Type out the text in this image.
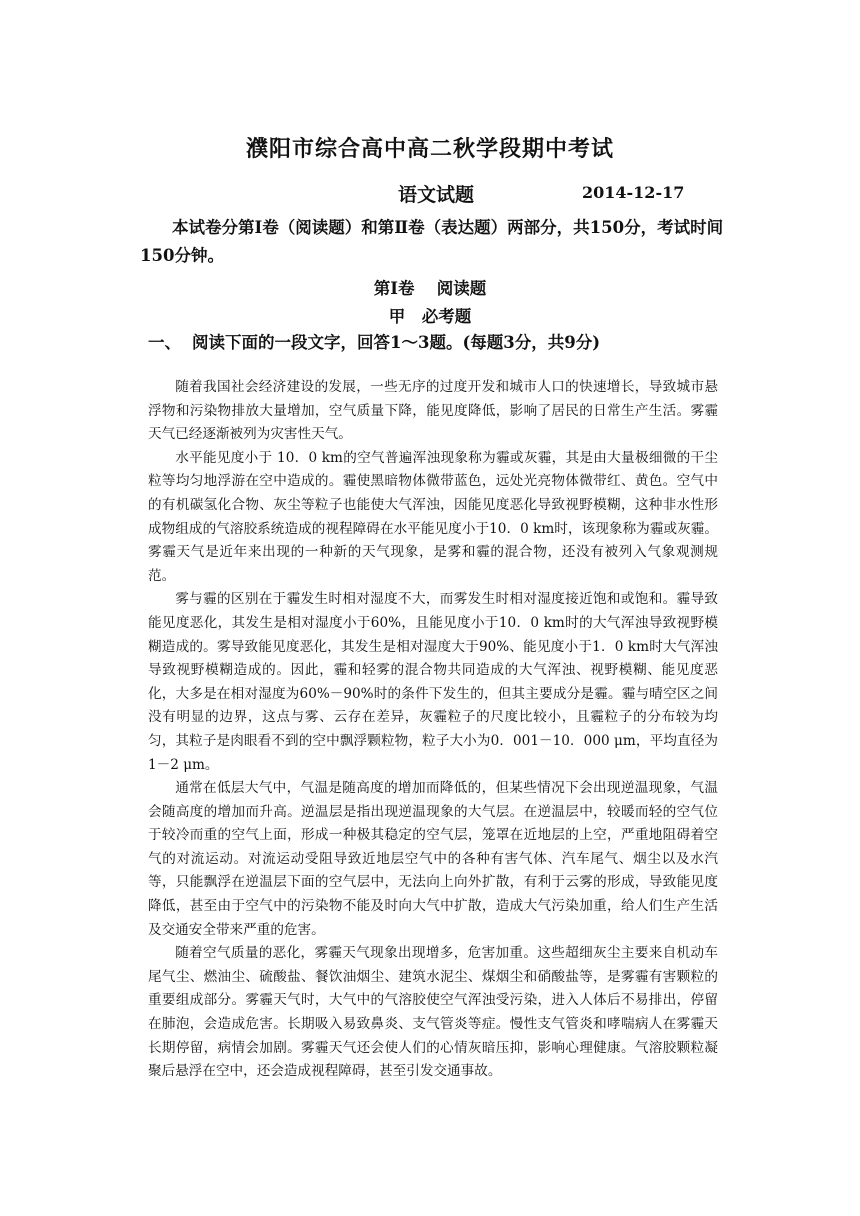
濮阳市综合高中高二秋学段期中考试
语文试题	2014-12-17
本试卷分第Ⅰ卷（阅读题）和第Ⅱ卷（表达题）两部分，共150分，考试时间150分钟。
第Ⅰ卷　 阅读题
甲　必考题
一、 阅读下面的一段文字，回答1～3题。(每题3分，共9分)

随着我国社会经济建设的发展，一些无序的过度开发和城市人口的快速增长，导致城市悬浮物和污染物排放大量增加，空气质量下降，能见度降低，影响了居民的日常生产生活。雾霾天气已经逐渐被列为灾害性天气。

水平能见度小于 10．0 km的空气普遍浑浊现象称为霾或灰霾，其是由大量极细微的干尘粒等均匀地浮游在空中造成的。霾使黑暗物体微带蓝色，远处光亮物体微带红、黄色。空气中的有机碳氢化合物、灰尘等粒子也能使大气浑浊，因能见度恶化导致视野模糊，这种非水性形成物组成的气溶胶系统造成的视程障碍在水平能见度小于10．0 km时，该现象称为霾或灰霾。雾霾天气是近年来出现的一种新的天气现象，是雾和霾的混合物，还没有被列入气象观测规范。

雾与霾的区别在于霾发生时相对湿度不大，而雾发生时相对湿度接近饱和或饱和。霾导致能见度恶化，其发生是相对湿度小于60%，且能见度小于10．0 km时的大气浑浊导致视野模糊造成的。雾导致能见度恶化，其发生是相对湿度大于90%、能见度小于1．0 km时大气浑浊导致视野模糊造成的。因此，霾和轻雾的混合物共同造成的大气浑浊、视野模糊、能见度恶化，大多是在相对湿度为60%－90%时的条件下发生的，但其主要成分是霾。霾与晴空区之间没有明显的边界，这点与雾、云存在差异，灰霾粒子的尺度比较小，且霾粒子的分布较为均匀，其粒子是肉眼看不到的空中飘浮颗粒物，粒子大小为0．001－10．000 μm，平均直径为1－2 μm。

通常在低层大气中，气温是随高度的增加而降低的，但某些情况下会出现逆温现象，气温会随高度的增加而升高。逆温层是指出现逆温现象的大气层。在逆温层中，较暖而轻的空气位于较冷而重的空气上面，形成一种极其稳定的空气层，笼罩在近地层的上空，严重地阻碍着空气的对流运动。对流运动受阻导致近地层空气中的各种有害气体、汽车尾气、烟尘以及水汽等，只能飘浮在逆温层下面的空气层中，无法向上向外扩散，有利于云雾的形成，导致能见度降低，甚至由于空气中的污染物不能及时向大气中扩散，造成大气污染加重，给人们生产生活及交通安全带来严重的危害。

随着空气质量的恶化，雾霾天气现象出现增多，危害加重。这些超细灰尘主要来自机动车尾气尘、燃油尘、硫酸盐、餐饮油烟尘、建筑水泥尘、煤烟尘和硝酸盐等，是雾霾有害颗粒的重要组成部分。雾霾天气时，大气中的气溶胶使空气浑浊受污染，进入人体后不易排出，停留在肺泡，会造成危害。长期吸入易致鼻炎、支气管炎等症。慢性支气管炎和哮喘病人在雾霾天长期停留，病情会加剧。雾霾天气还会使人们的心情灰暗压抑，影响心理健康。气溶胶颗粒凝聚后悬浮在空中，还会造成视程障碍，甚至引发交通事故。
